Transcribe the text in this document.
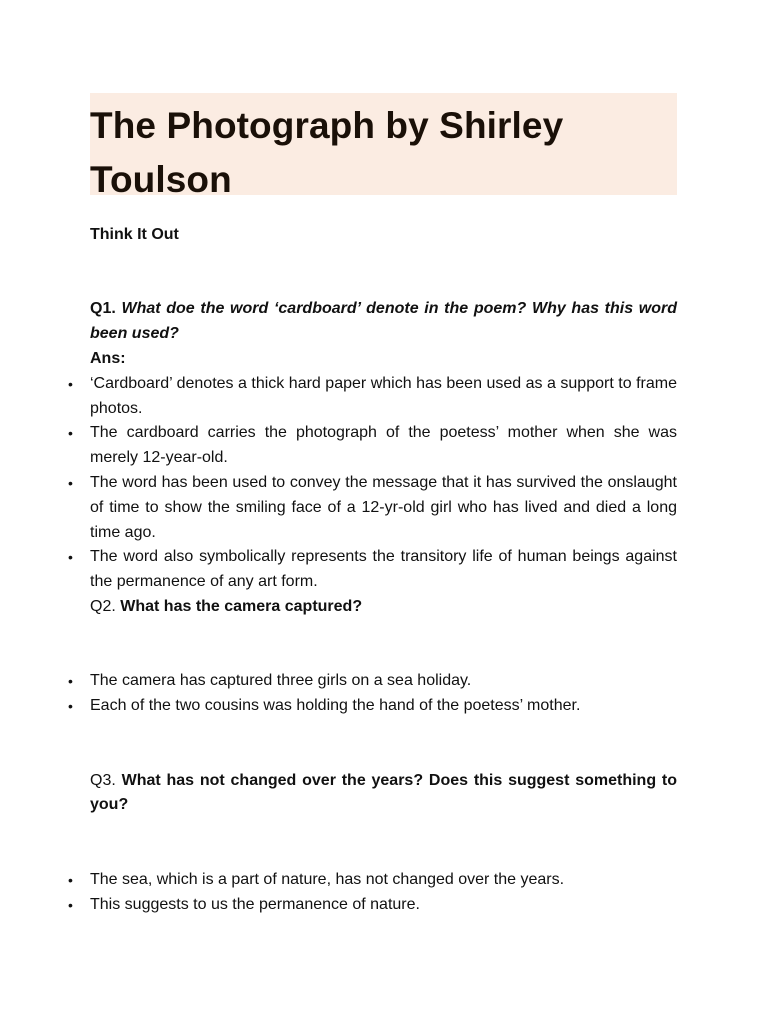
The Photograph by Shirley Toulson
Think It Out

Q1. What doe the word ‘cardboard’ denote in the poem? Why has this word been used?

Ans:

• ‘Cardboard’ denotes a thick hard paper which has been used as a support to frame photos.
• The cardboard carries the photograph of the poetess’ mother when she was merely 12-year-old.
• The word has been used to convey the message that it has survived the onslaught of time to show the smiling face of a 12-yr-old girl who has lived and died a long time ago.
• The word also symbolically represents the transitory life of human beings against the permanence of any art form.

Q2. What has the camera captured?

• The camera has captured three girls on a sea holiday.
• Each of the two cousins was holding the hand of the poetess’ mother.

Q3. What has not changed over the years? Does this suggest something to you?

• The sea, which is a part of nature, has not changed over the years.
• This suggests to us the permanence of nature.
